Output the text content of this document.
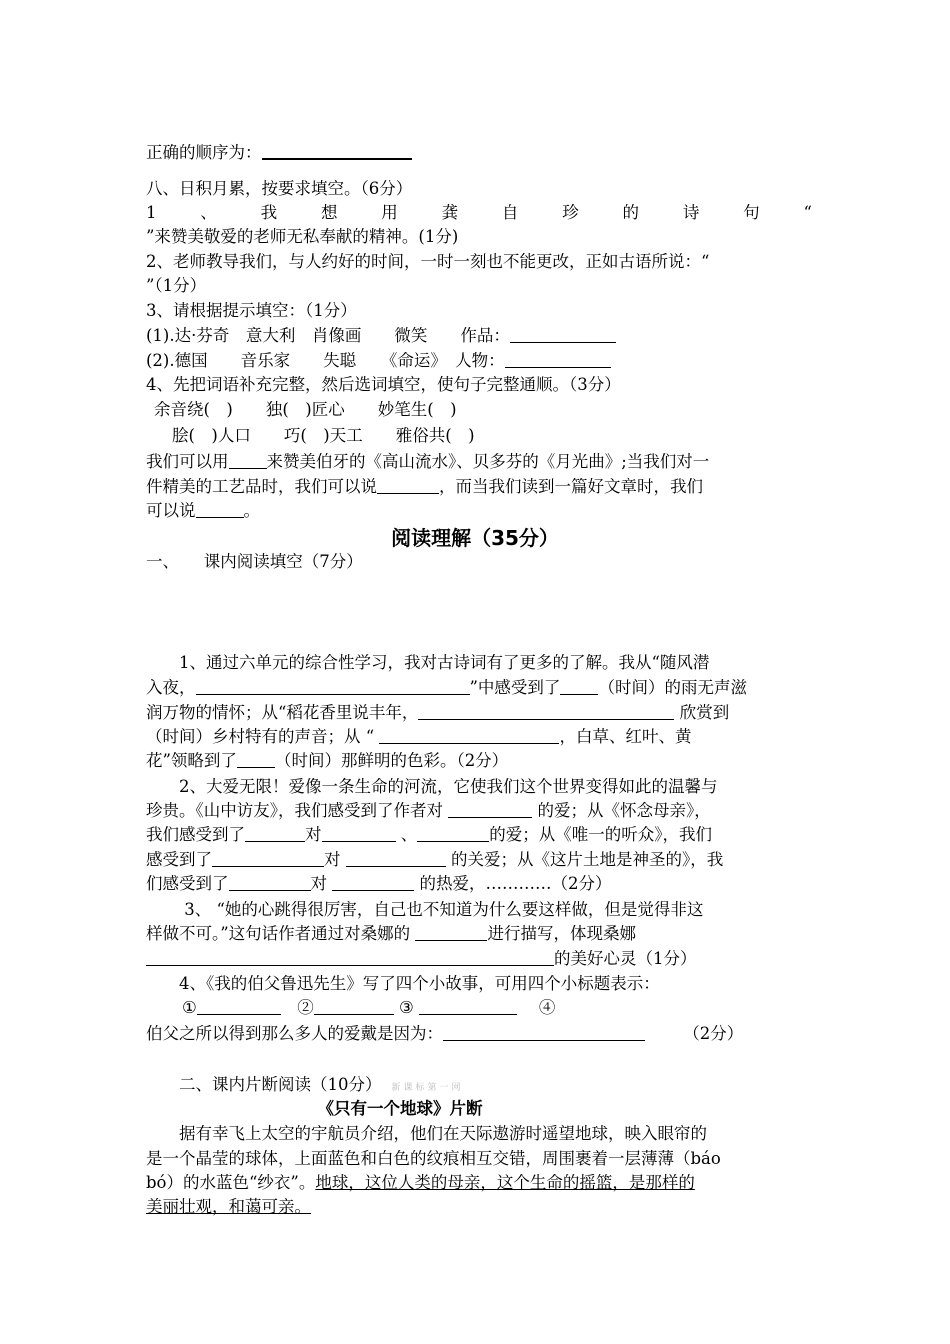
正确的顺序为：
八、日积月累，按要求填空。（6分）
1	、	我	想	用	龚	自	珍	的	诗	句	“
”来赞美敬爱的老师无私奉献的精神。(1分)
2、老师教导我们，与人约好的时间，一时一刻也不能更改，正如古语所说：“
”（1分）
3、请根据提示填空：（1分）
(1).达·芬奇　意大利　肖像画　　微笑　　作品：
(2).德国　　音乐家　　失聪　　《命运》　人物：
4、先把词语补充完整，然后选词填空，使句子完整通顺。（3分）
余音绕(　)　　独(　)匠心　　妙笔生(　)
脍(　)人口　　巧(　)天工　　雅俗共(　)
我们可以用 来赞美伯牙的《高山流水》、贝多芬的《月光曲》;当我们对一
件精美的工艺品时，我们可以说	，而当我们读到一篇好文章时，我们
可以说	。
阅读理解（35分）
一、　　课内阅读填空（7分）
　　1、通过六单元的综合性学习，我对古诗词有了更多的了解。我从“随风潜
入夜，	”中感受到了 （时间）的雨无声滋
润万物的情怀；从“稻花香里说丰年，	欣赏到
（时间）乡村特有的声音；从 “	，白草、红叶、黄
花”领略到了 （时间）那鲜明的色彩。（2分）
　　2、大爱无限！爱像一条生命的河流，它使我们这个世界变得如此的温馨与
珍贵。《山中访友》，我们感受到了作者对	的爱；从《怀念母亲》，
我们感受到了	对	、	的爱；从《唯一的听众》，我们
感受到了	对	的关爱；从《这片土地是神圣的》，我
们感受到了	对	的热爱，…………（2分）
　　 3、 “她的心跳得很厉害，自己也不知道为什么要这样做，但是觉得非这
样做不可。”这句话作者通过对桑娜的	进行描写，体现桑娜
的美好心灵（1分）
　　4、《我的伯父鲁迅先生》写了四个小故事，可用四个小标题表示：
①　	②	③ 　	④
伯父之所以得到那么多人的爱戴是因为：　　	（2分）
　　二、课内片断阅读（10分） 新课标第一网
《只有一个地球》片断
　　据有幸飞上太空的宇航员介绍，他们在天际遨游时遥望地球，映入眼帘的
是一个晶莹的球体，上面蓝色和白色的纹痕相互交错，周围裹着一层薄薄（báo
bó）的水蓝色“纱衣”。地球，这位人类的母亲，这个生命的摇篮，是那样的
美丽壮观，和蔼可亲。
